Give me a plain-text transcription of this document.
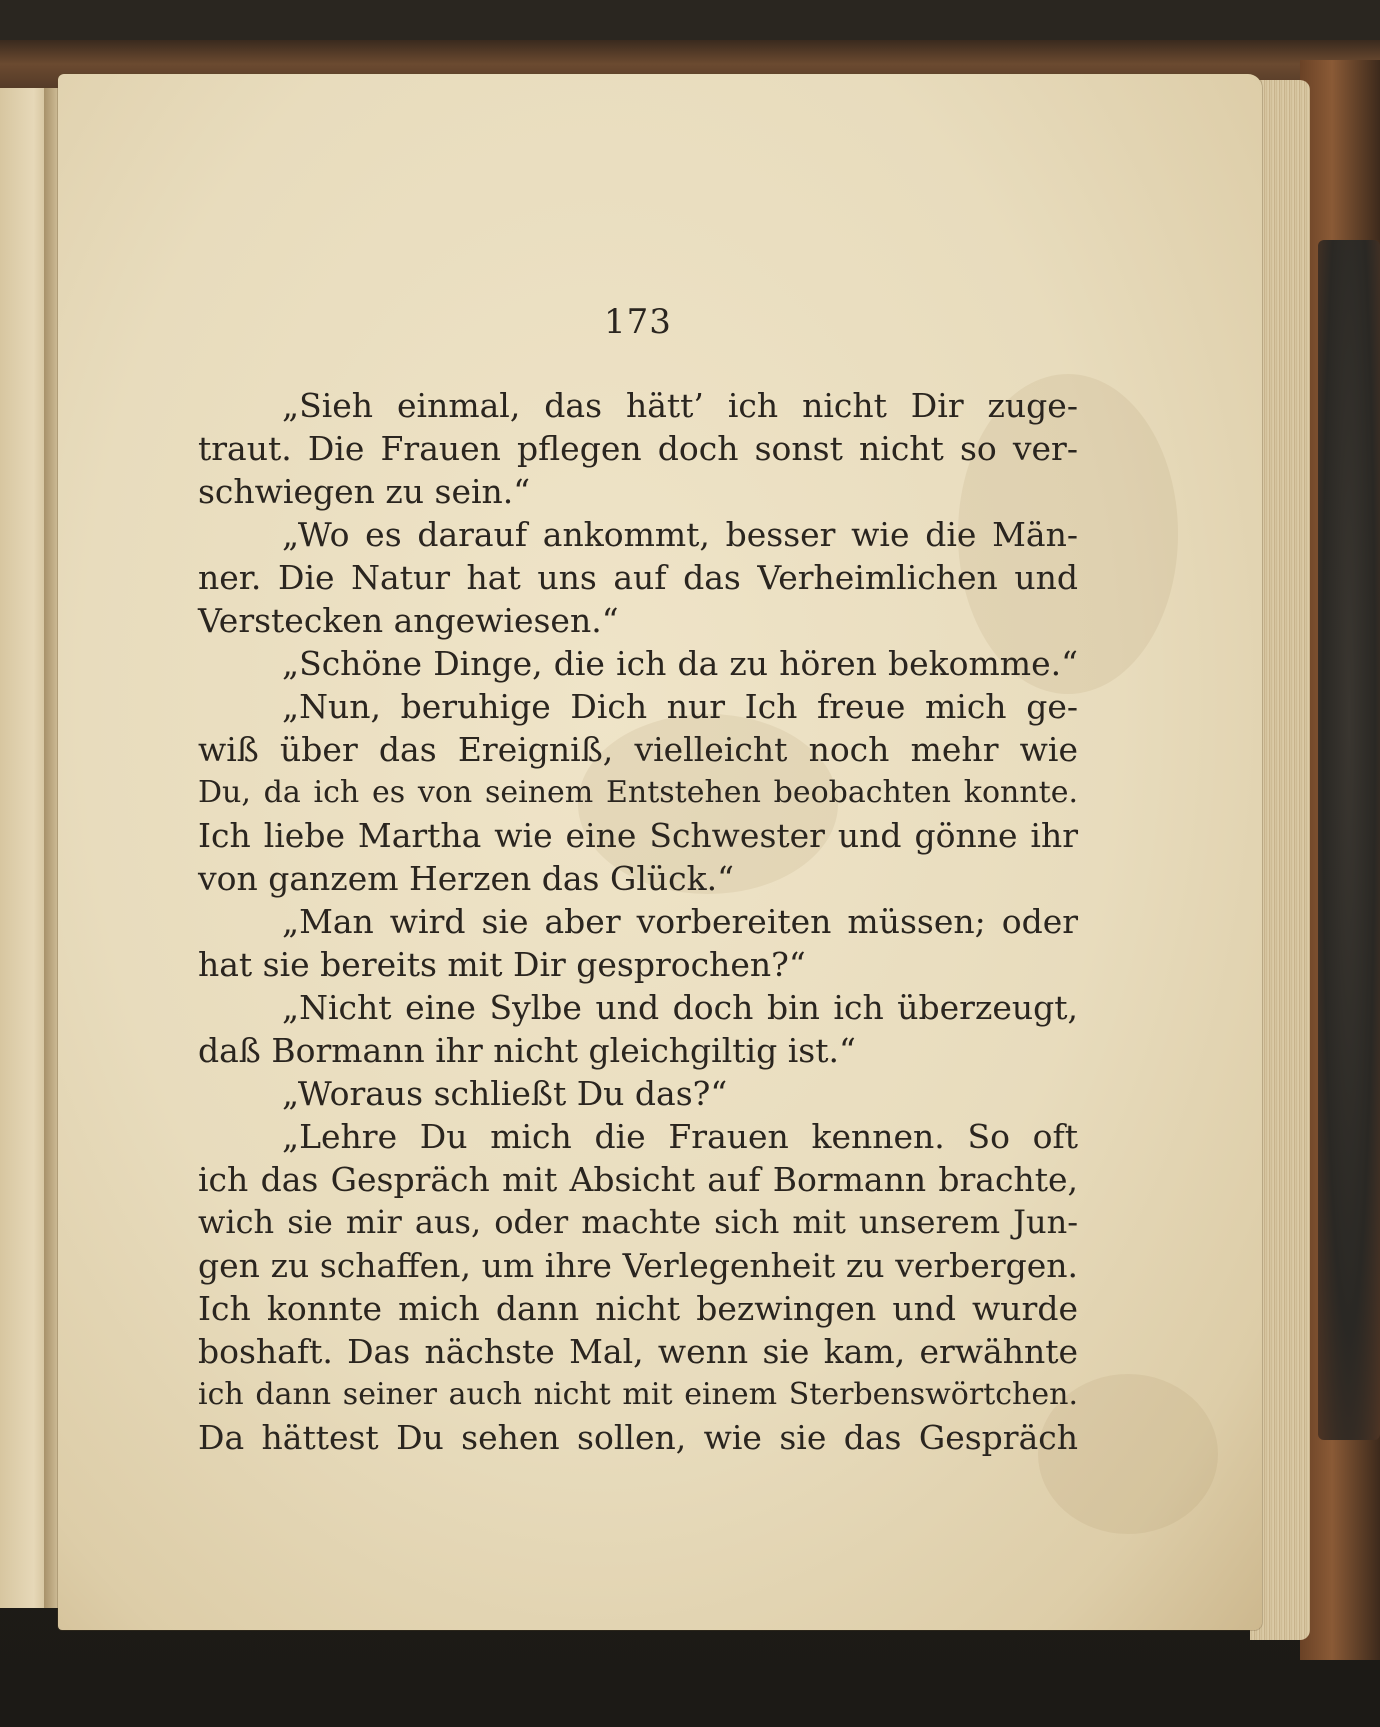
173
„Sieh einmal, das hätt’ ich nicht Dir zuge-
traut. Die Frauen pflegen doch sonst nicht so ver-
schwiegen zu sein.“
„Wo es darauf ankommt, besser wie die Män-
ner. Die Natur hat uns auf das Verheimlichen und
Verstecken angewiesen.“
„Schöne Dinge, die ich da zu hören bekomme.“
„Nun, beruhige Dich nur Ich freue mich ge-
wiß über das Ereigniß, vielleicht noch mehr wie
Du, da ich es von seinem Entstehen beobachten konnte.
Ich liebe Martha wie eine Schwester und gönne ihr
von ganzem Herzen das Glück.“
„Man wird sie aber vorbereiten müssen; oder
hat sie bereits mit Dir gesprochen?“
„Nicht eine Sylbe und doch bin ich überzeugt,
daß Bormann ihr nicht gleichgiltig ist.“
„Woraus schließt Du das?“
„Lehre Du mich die Frauen kennen. So oft
ich das Gespräch mit Absicht auf Bormann brachte,
wich sie mir aus, oder machte sich mit unserem Jun-
gen zu schaffen, um ihre Verlegenheit zu verbergen.
Ich konnte mich dann nicht bezwingen und wurde
boshaft. Das nächste Mal, wenn sie kam, erwähnte
ich dann seiner auch nicht mit einem Sterbenswörtchen.
Da hättest Du sehen sollen, wie sie das Gespräch
